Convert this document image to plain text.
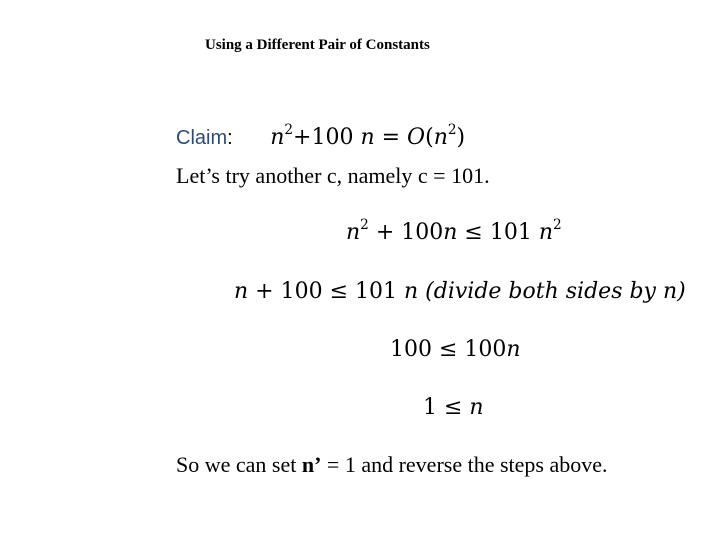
Using a Different Pair of Constants
Claim: $n^2+100$ $n = O(n^2)$
Let’s try another c, namely c = 101.
$n^2 + 100n \le 101$ $n^2$
n + 100 ≤ 101 n (divide both sides by n)
100 ≤ 100n
1 ≤ n
So we can set n’ = 1 and reverse the steps above.
